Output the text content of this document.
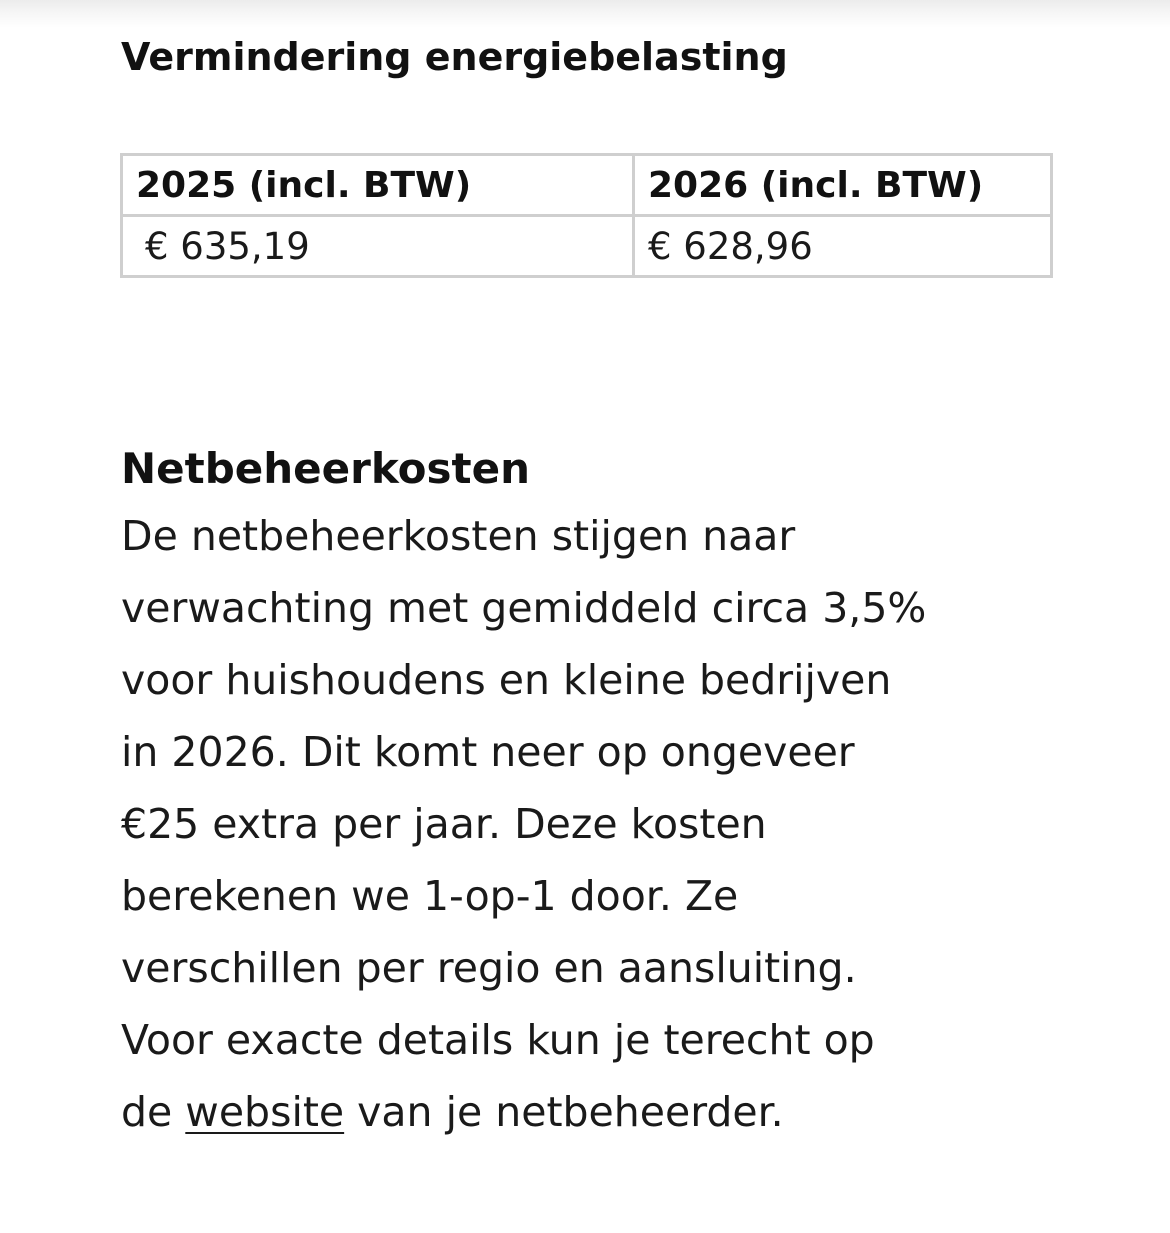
Vermindering energiebelasting
2025 (incl. BTW)	2026 (incl. BTW)
€ 635,19	€ 628,96
Netbeheerkosten

De netbeheerkosten stijgen naar
verwachting met gemiddeld circa 3,5%
voor huishoudens en kleine bedrijven
in 2026. Dit komt neer op ongeveer
€25 extra per jaar. Deze kosten
berekenen we 1-op-1 door. Ze
verschillen per regio en aansluiting.
Voor exacte details kun je terecht op
de website van je netbeheerder.
